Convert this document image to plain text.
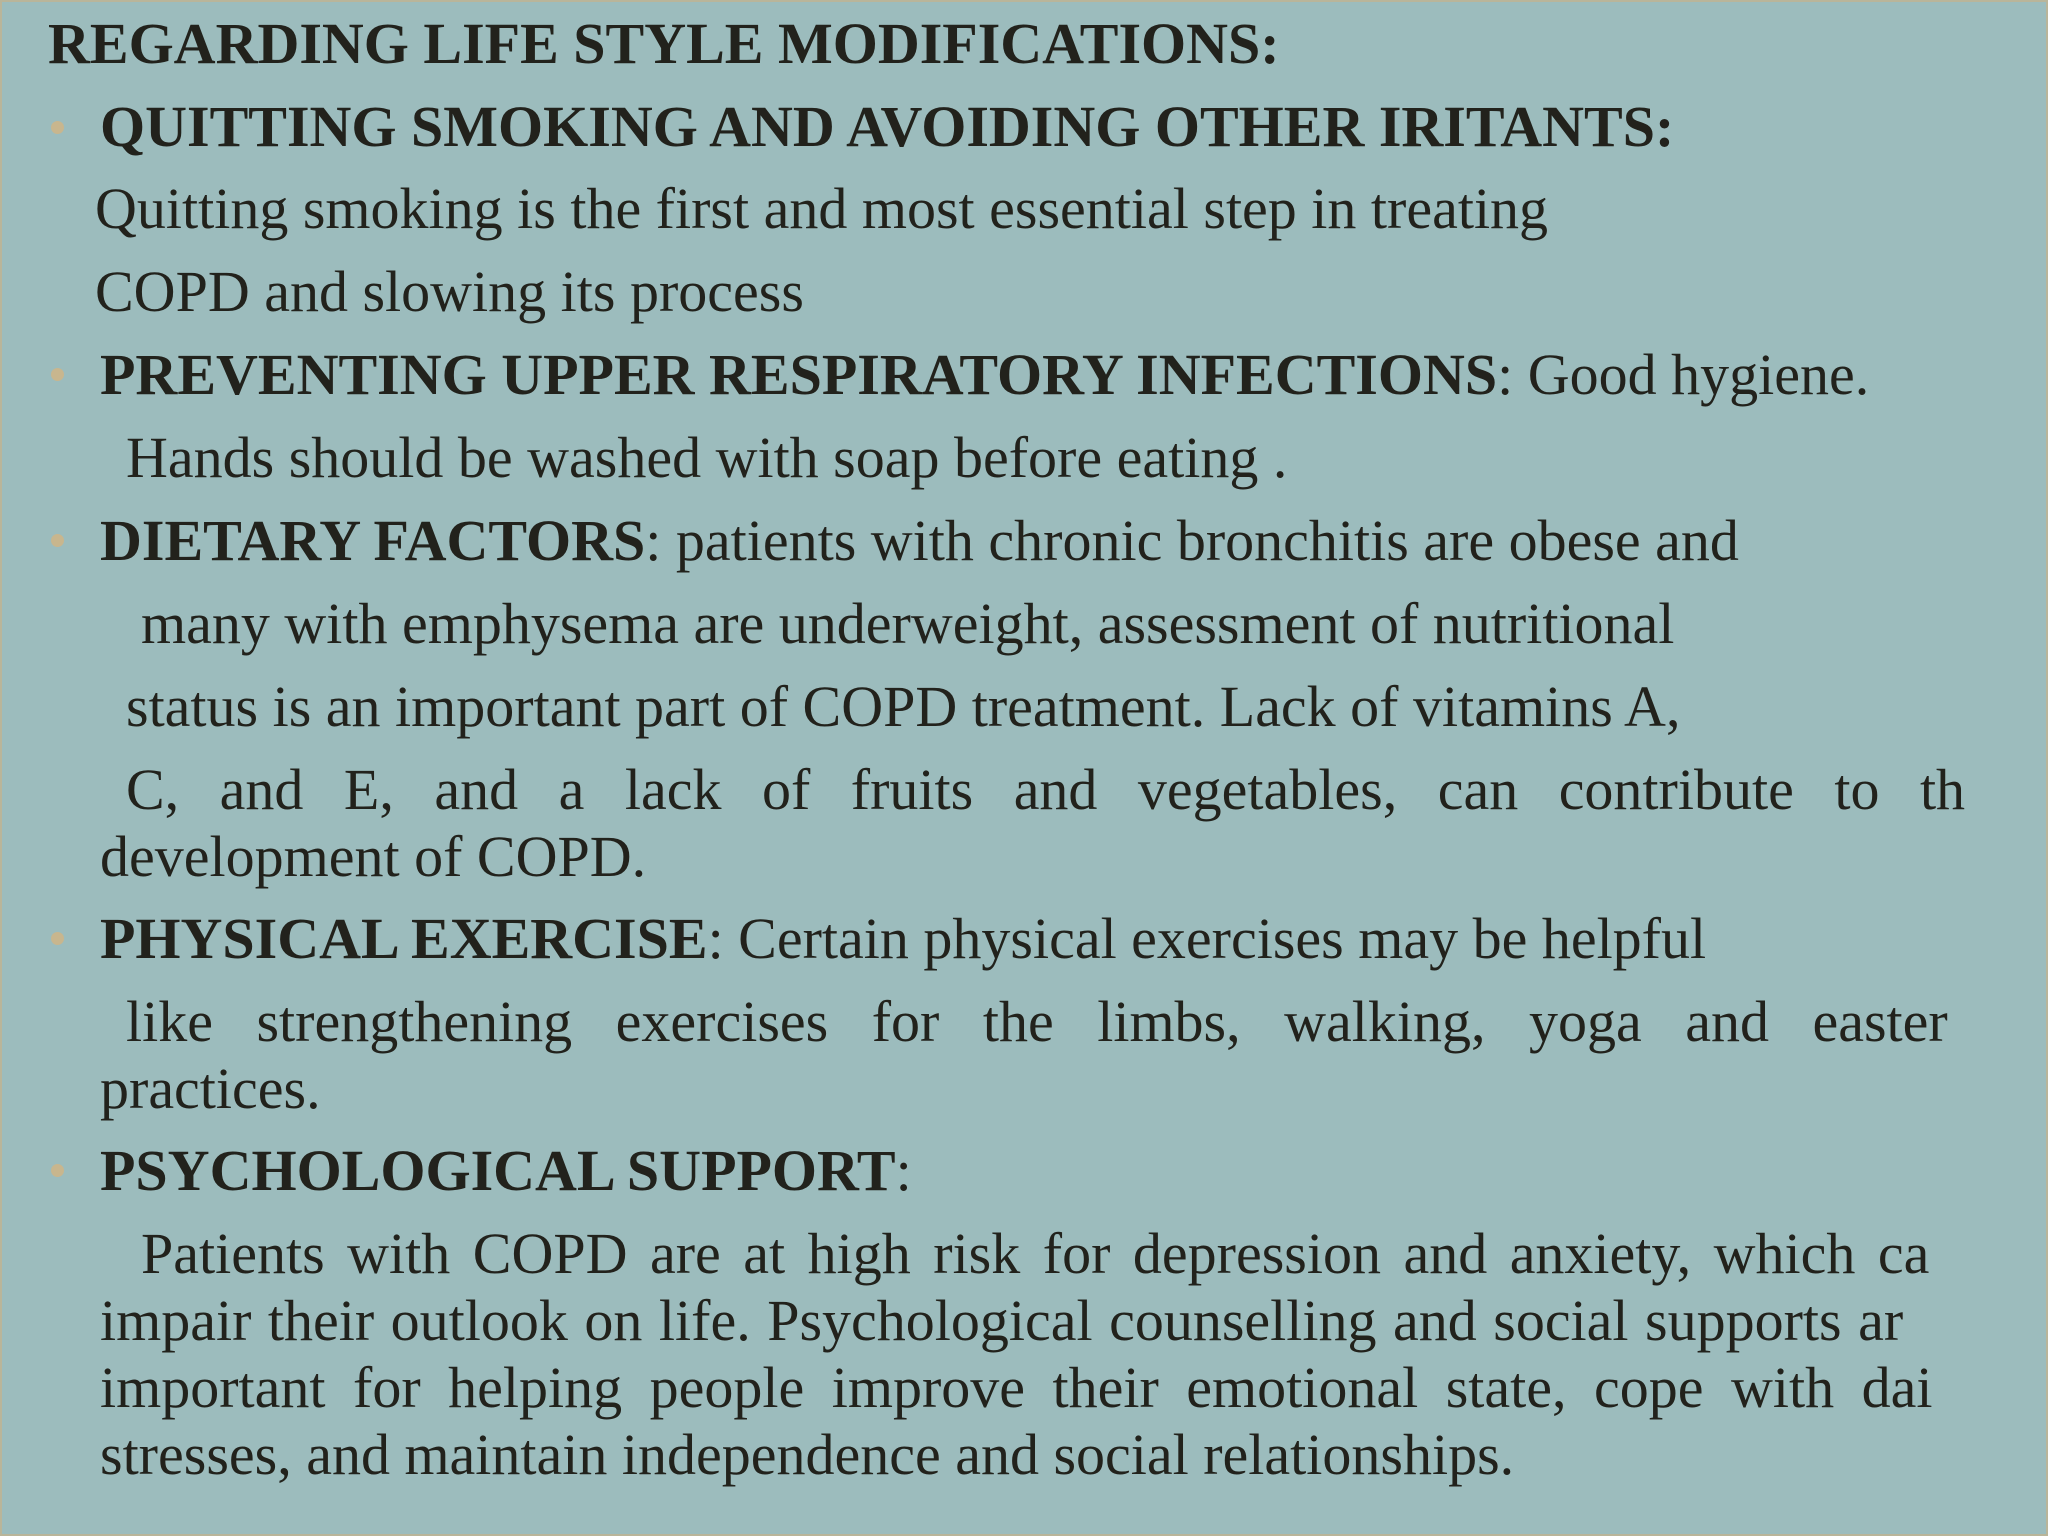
REGARDING LIFE STYLE MODIFICATIONS:
QUITTING SMOKING AND AVOIDING OTHER IRITANTS:
Quitting smoking is the first and most essential step in treating
COPD and slowing its process
PREVENTING UPPER RESPIRATORY INFECTIONS: Good hygiene.
Hands should be washed with soap before eating .
DIETARY FACTORS: patients with chronic bronchitis are obese and
many with emphysema are underweight, assessment of nutritional
status is an important part of COPD treatment. Lack of vitamins A,
C, and E, and a lack of fruits and vegetables, can contribute to th
development of COPD.
PHYSICAL EXERCISE: Certain physical exercises may be helpful
like strengthening exercises for the limbs, walking, yoga and easter
practices.
PSYCHOLOGICAL SUPPORT:
Patients with COPD are at high risk for depression and anxiety, which ca
impair their outlook on life. Psychological counselling and social supports ar
important for helping people improve their emotional state, cope with dai
stresses, and maintain independence and social relationships.
